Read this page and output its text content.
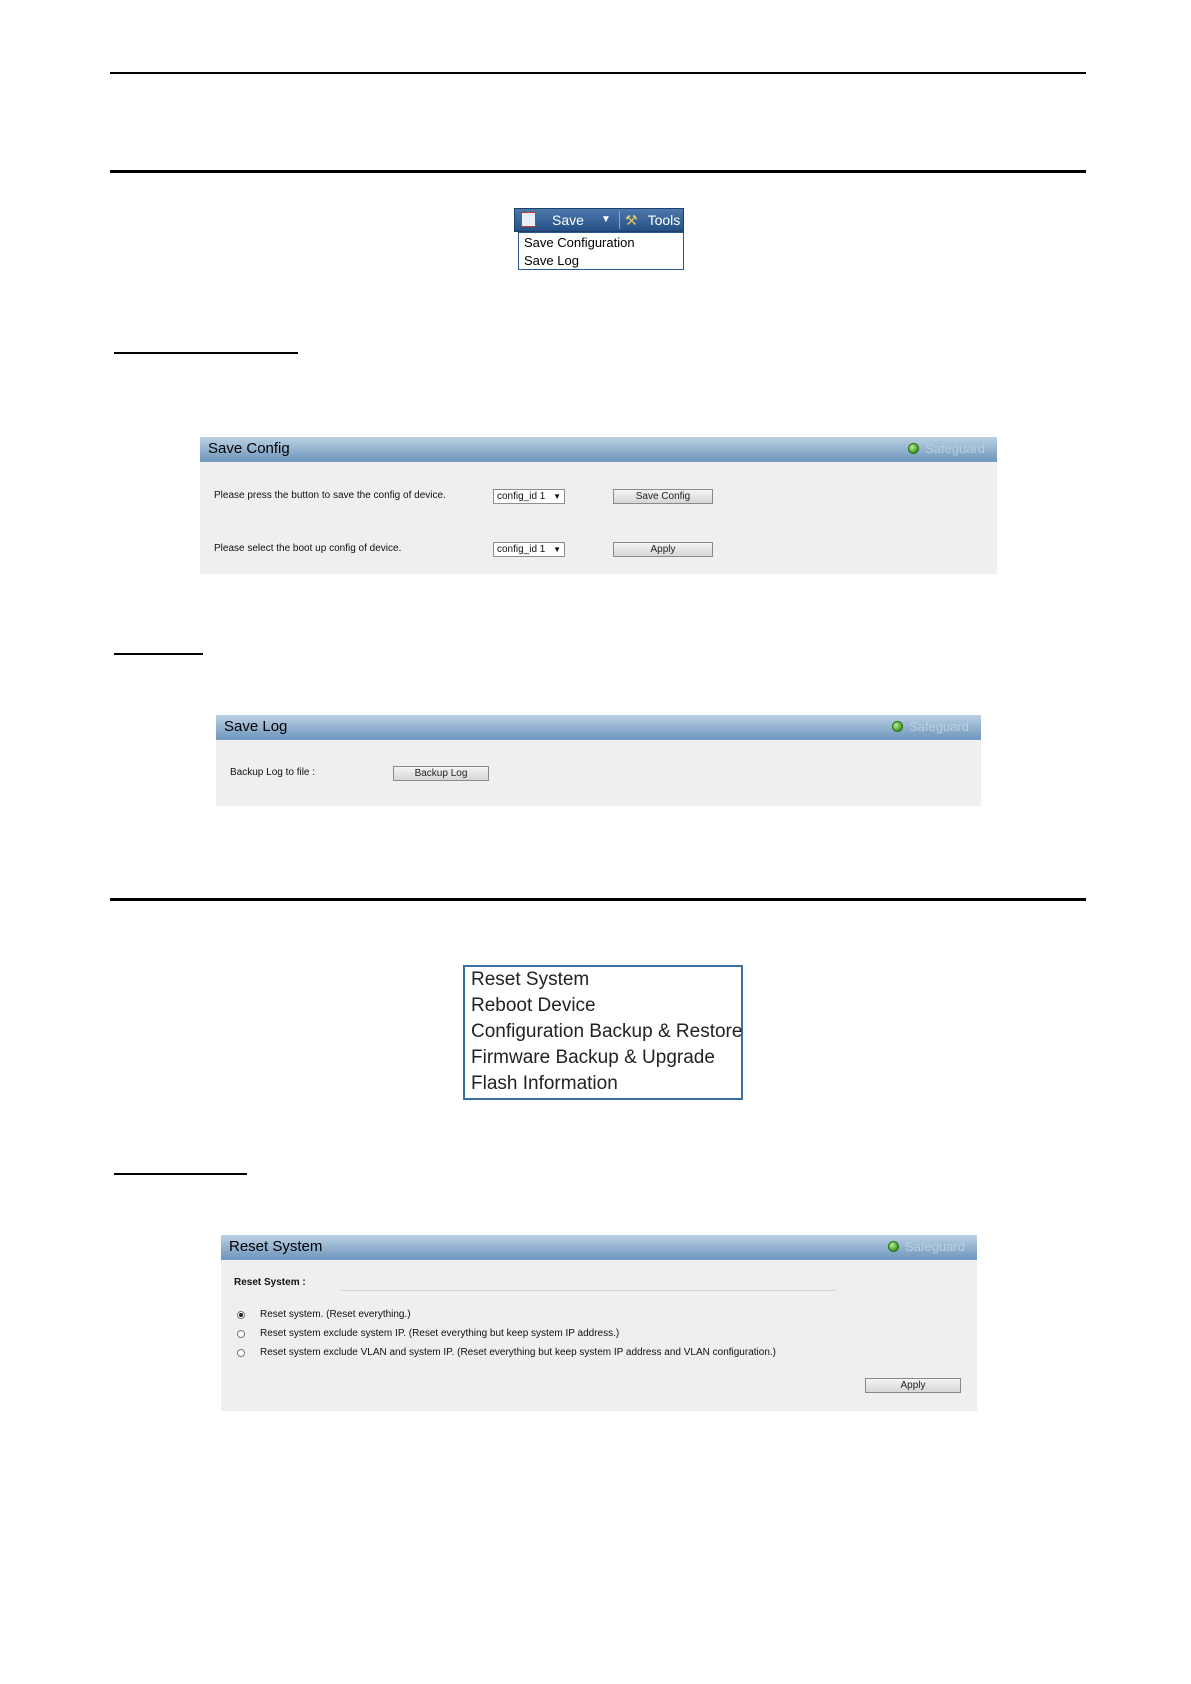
Save ▼ ⚒ Tools
Save Configuration
Save Log
Save Config	Safeguard
Please press the button to save the config of device.	config_id 1 ▼	Save Config
Please select the boot up config of device.	config_id 1 ▼	Apply
Save Log	Safeguard
Backup Log to file :	Backup Log
Reset System
Reboot Device
Configuration Backup & Restore
Firmware Backup & Upgrade
Flash Information
Reset System	Safeguard
Reset System :
Reset system. (Reset everything.)
Reset system exclude system IP. (Reset everything but keep system IP address.)
Reset system exclude VLAN and system IP. (Reset everything but keep system IP address and VLAN configuration.)
Apply
